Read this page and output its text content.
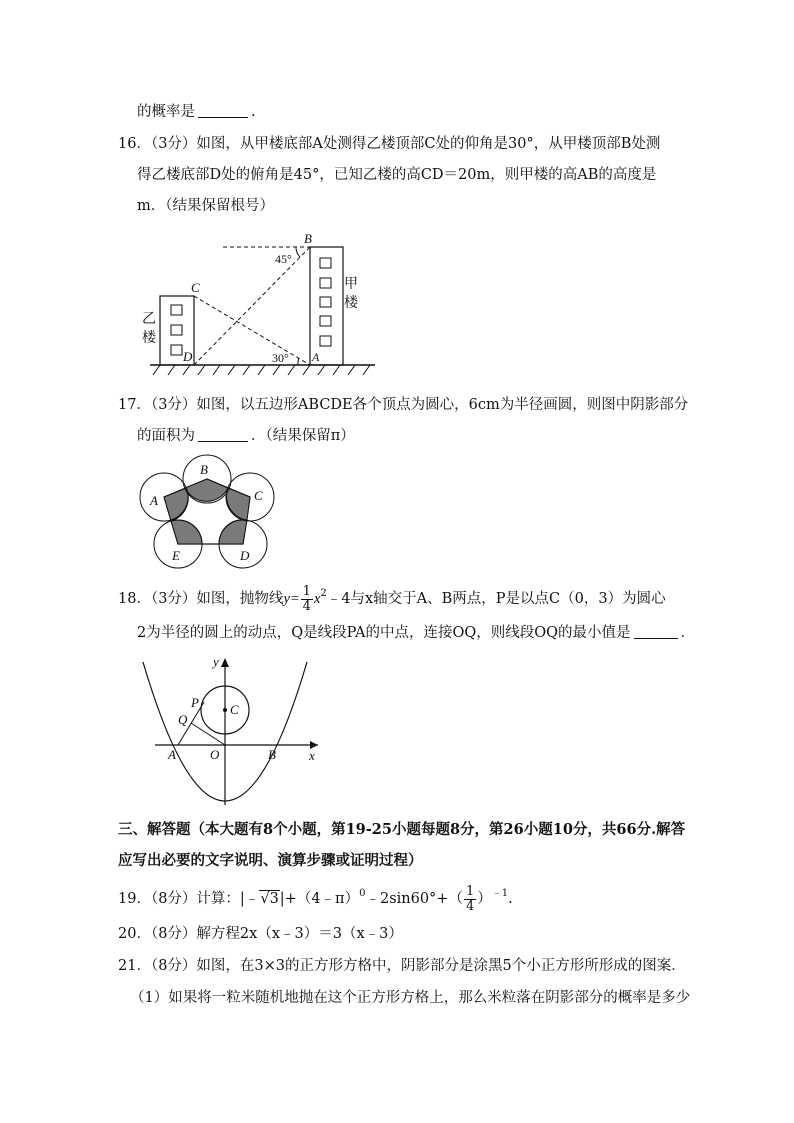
的概率是	.
16．（3分）如图，从甲楼底部A处测得乙楼顶部C处的仰角是30°，从甲楼顶部B处测
得乙楼底部D处的俯角是45°，已知乙楼的高CD＝20m，则甲楼的高AB的高度是
m．（结果保留根号）
B
C
D	A
45°
30°
甲
楼
乙
楼
17．（3分）如图，以五边形ABCDE各个顶点为圆心，6cm为半径画圆，则图中阴影部分
的面积为	．（结果保留π）
B
C
D
E
A
18．（3分）如图，抛物线$y= \frac{1}{4}$ $x^2﹣4$与x轴交于A、B两点，P是以点C（0，3）为圆心
2为半径的圆上的动点，Q是线段PA的中点，连接OQ，则线段OQ的最小值是	．
y
x
P
Q
C
A	O	B
三、解答题（本大题有8个小题，第19-25小题每题8分，第26小题10分，共66分.解答
应写出必要的文字说明、演算步骤或证明过程）
19．（8分）计算：|﹣√3|+（4﹣π）$^0$﹣2sin60°+（ $\frac{1}{4} )^{﹣1}$.
20．（8分）解方程2x（x﹣3）＝3（x﹣3）
21．（8分）如图，在3×3的正方形方格中，阴影部分是涂黑5个小正方形所形成的图案．
（1）如果将一粒米随机地抛在这个正方形方格上，那么米粒落在阴影部分的概率是多少
